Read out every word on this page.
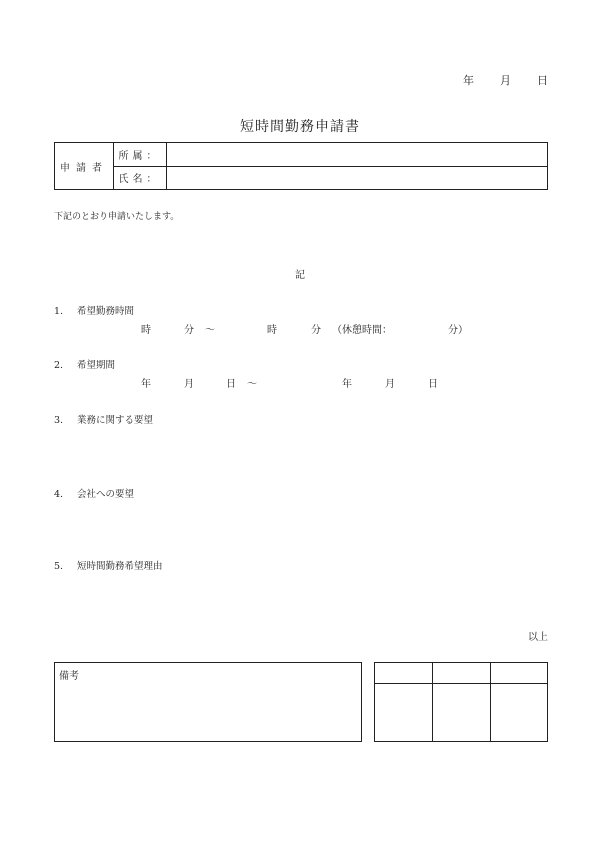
年 月 日
短時間勤務申請書
申請者
所属：
氏名：
下記のとおり申請いたします。
記
1. 希望勤務時間
時	分 ～	時	分 （休憩時間：	分）
2. 希望期間
年	月	日 ～	年	月	日
3. 業務に関する要望
4. 会社への要望
5. 短時間勤務希望理由
以上
備考
